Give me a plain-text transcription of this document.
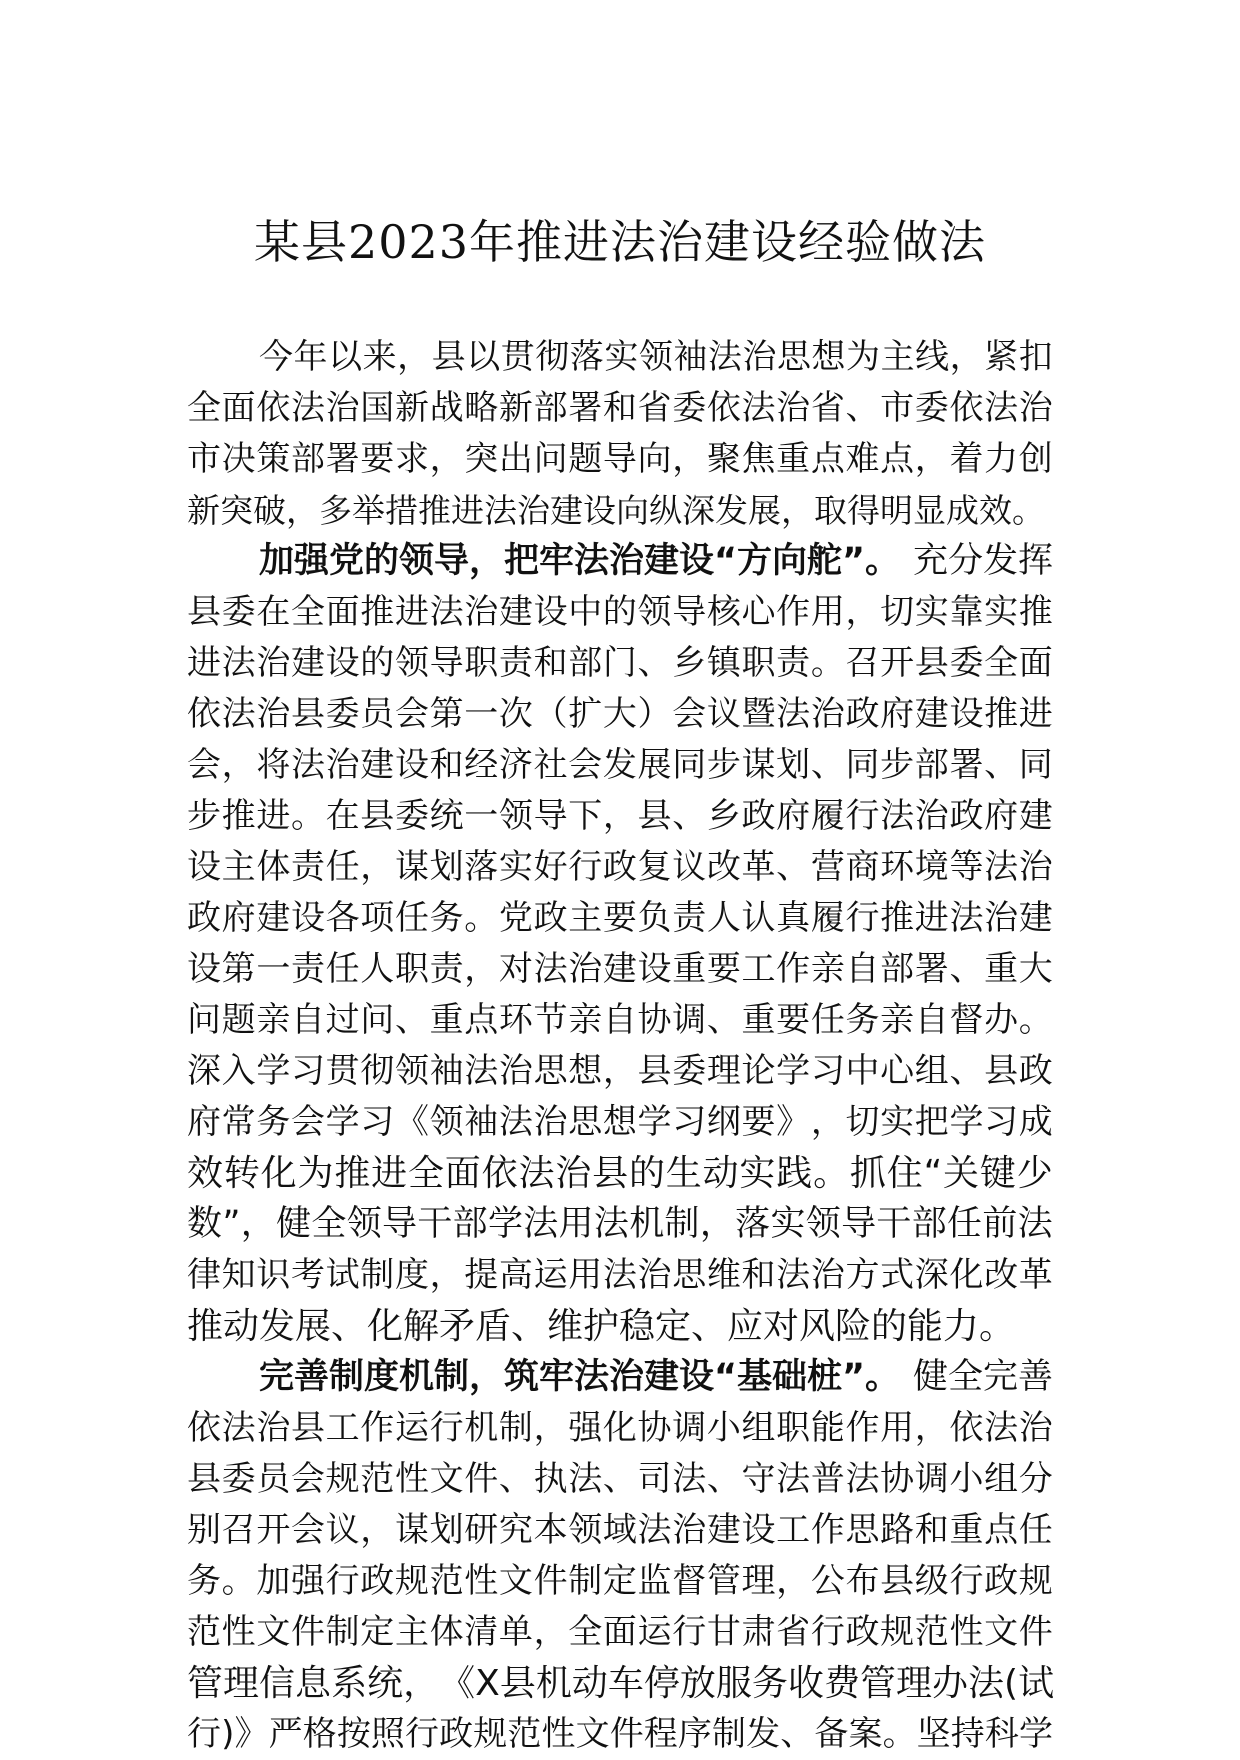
某县2023年推进法治建设经验做法
今 年 以 来 ， 县 以 贯 彻 落 实 领 袖 法 治 思 想 为 主 线 ， 紧 扣
全 面 依 法 治 国 新 战 略 新 部 署 和 省 委 依 法 治 省 、 市 委 依 法 治
市 决 策 部 署 要 求 ， 突 出 问 题 导 向 ， 聚 焦 重 点 难 点 ， 着 力 创
新突破，多举措推进法治建设向纵深发展，取得明显成效。
加强党的领导，把牢法治建设“方向舵”。 充分发挥
县 委 在 全 面 推 进 法 治 建 设 中 的 领 导 核 心 作 用 ， 切 实 靠 实 推
进 法 治 建 设 的 领 导 职 责 和 部 门 、 乡 镇 职 责 。 召 开 县 委 全 面
依 法 治 县 委 员 会 第 一 次 （ 扩 大 ） 会 议 暨 法 治 政 府 建 设 推 进
会 ， 将 法 治 建 设 和 经 济 社 会 发 展 同 步 谋 划 、 同 步 部 署 、 同
步 推 进 。 在 县 委 统 一 领 导 下 ， 县 、 乡 政 府 履 行 法 治 政 府 建
设 主 体 责 任 ， 谋 划 落 实 好 行 政 复 议 改 革 、 营 商 环 境 等 法 治
政 府 建 设 各 项 任 务 。 党 政 主 要 负 责 人 认 真 履 行 推 进 法 治 建
设 第 一 责 任 人 职 责 ， 对 法 治 建 设 重 要 工 作 亲 自 部 署 、 重 大
问 题 亲 自 过 问 、 重 点 环 节 亲 自 协 调 、 重 要 任 务 亲 自 督 办 。
深 入 学 习 贯 彻 领 袖 法 治 思 想 ， 县 委 理 论 学 习 中 心 组 、 县 政
府 常 务 会 学 习 《 领 袖 法 治 思 想 学 习 纲 要 》 ， 切 实 把 学 习 成
效 转 化 为 推 进 全 面 依 法 治 县 的 生 动 实 践 。 抓 住 “ 关 键 少
数 ” ， 健 全 领 导 干 部 学 法 用 法 机 制 ， 落 实 领 导 干 部 任 前 法
律 知 识 考 试 制 度 ， 提 高 运 用 法 治 思 维 和 法 治 方 式 深 化 改 革
推动发展、化解矛盾、维护稳定、应对风险的能力。
完善制度机制，筑牢法治建设“基础桩”。 健全完善
依 法 治 县 工 作 运 行 机 制 ， 强 化 协 调 小 组 职 能 作 用 ， 依 法 治
县 委 员 会 规 范 性 文 件 、 执 法 、 司 法 、 守 法 普 法 协 调 小 组 分
别 召 开 会 议 ， 谋 划 研 究 本 领 域 法 治 建 设 工 作 思 路 和 重 点 任
务 。 加 强 行 政 规 范 性 文 件 制 定 监 督 管 理 ， 公 布 县 级 行 政 规
范 性 文 件 制 定 主 体 清 单 ， 全 面 运 行 甘 肃 省 行 政 规 范 性 文 件
管 理 信 息 系 统 ， 《 X 县 机 动 车 停 放 服 务 收 费 管 理 办 法 ( 试
行 ) 》 严 格 按 照 行 政 规 范 性 文 件 程 序 制 发 、 备 案 。 坚 持 科 学
